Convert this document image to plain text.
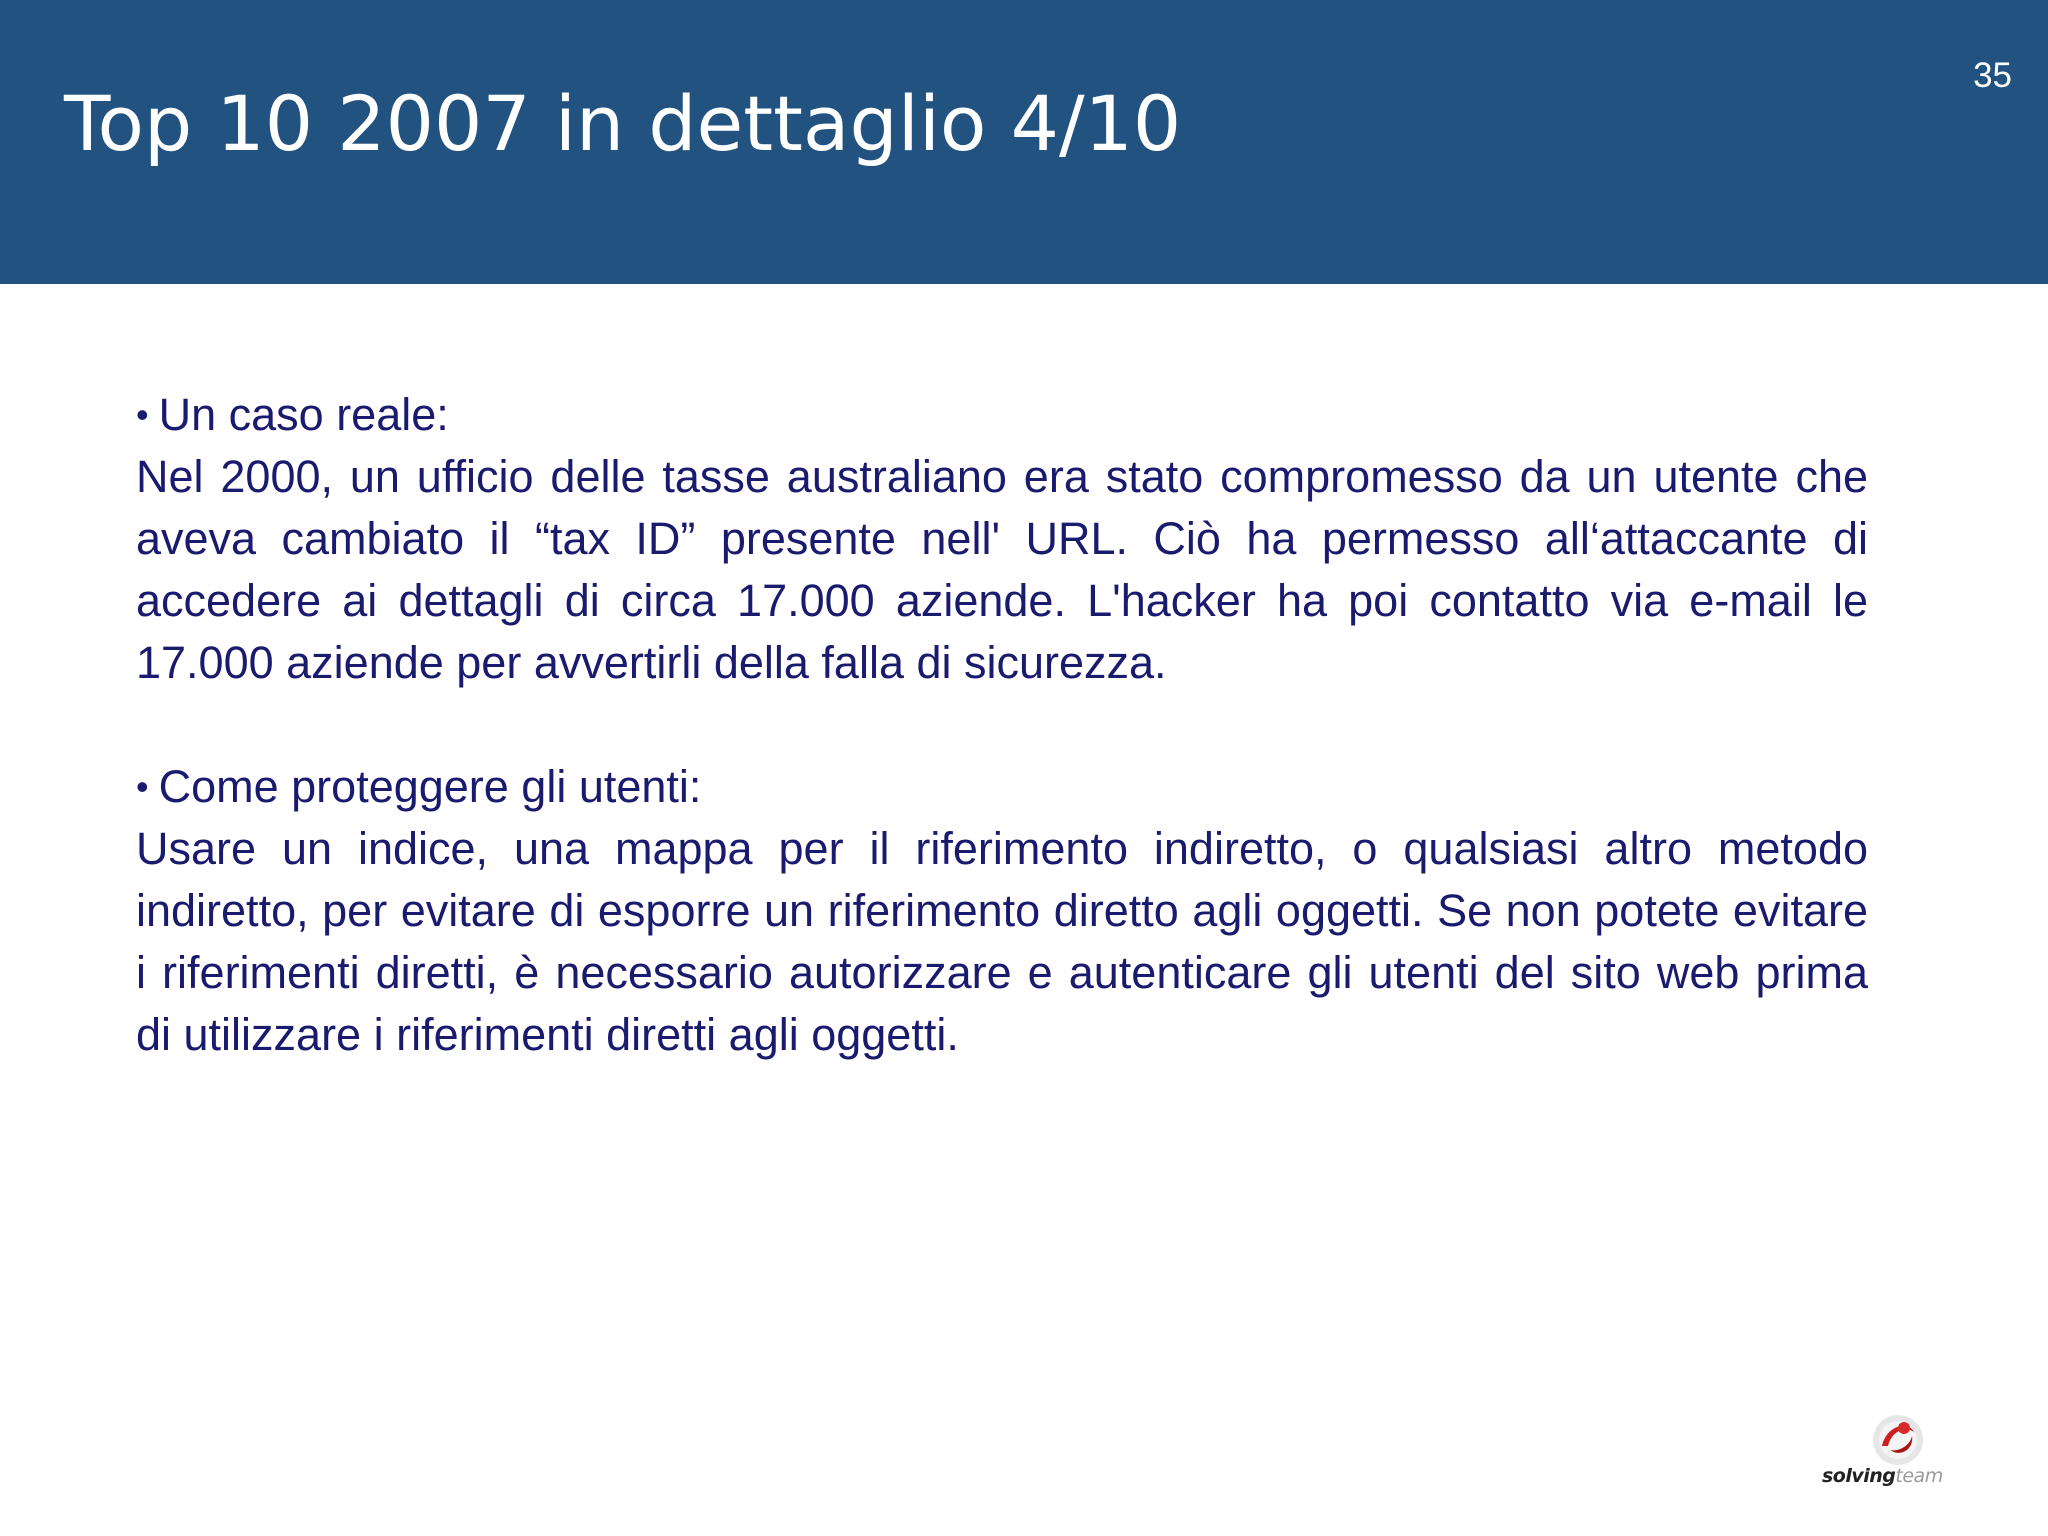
Top 10 2007 in dettaglio 4/10
35

• Un caso reale:

Nel 2000, un ufficio delle tasse australiano era stato compromesso da un utente che aveva cambiato il “tax ID” presente nell' URL. Ciò ha permesso all‘attaccante di accedere ai dettagli di circa 17.000 aziende. L'hacker ha poi contatto via e-mail le 17.000 aziende per avvertirli della falla di sicurezza.

• Come proteggere gli utenti:

Usare un indice, una mappa per il riferimento indiretto, o qualsiasi altro metodo indiretto, per evitare di esporre un riferimento diretto agli oggetti. Se non potete evitare i riferimenti diretti, è necessario autorizzare e autenticare gli utenti del sito web prima di utilizzare i riferimenti diretti agli oggetti.

solvingteam
